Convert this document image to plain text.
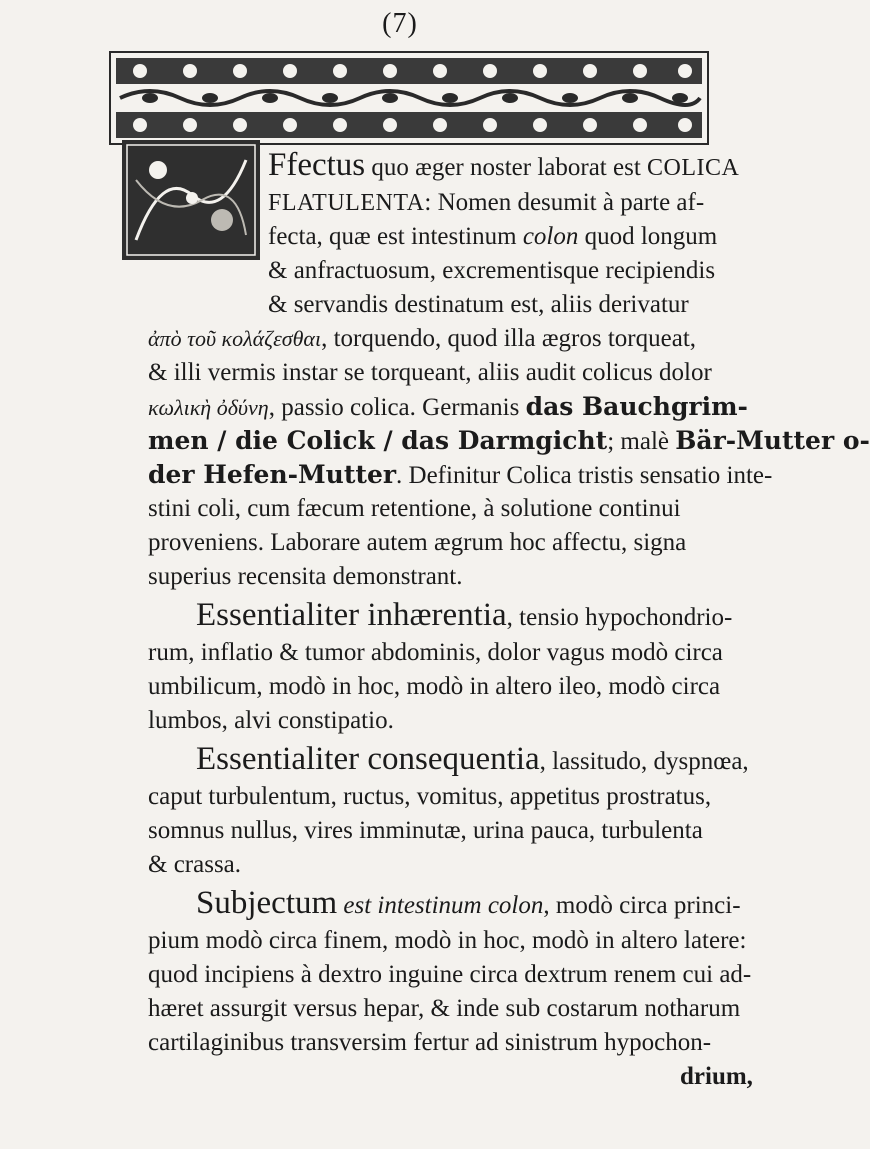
(7)
Ffectus quo æger noster laborat est COLICA
FLATULENTA: Nomen desumit à parte af-
fecta, quæ est intestinum colon quod longum
& anfractuosum, excrementisque recipiendis
& servandis destinatum est, aliis derivatur
ἀπὸ τοῦ κολάζεσθαι, torquendo, quod illa ægros torqueat,
& illi vermis instar se torqueant, aliis audit colicus dolor
κωλικὴ ὀδύνη, passio colica. Germanis das Bauchgrim-
men / die Colick / das Darmgicht; malè Bär-Mutter o-
der Hefen-Mutter. Definitur Colica tristis sensatio inte-
stini coli, cum fæcum retentione, à solutione continui
proveniens. Laborare autem ægrum hoc affectu, signa
superius recensita demonstrant.
Essentialiter inhærentia, tensio hypochondrio-
rum, inflatio & tumor abdominis, dolor vagus modò circa
umbilicum, modò in hoc, modò in altero ileo, modò circa
lumbos, alvi constipatio.
Essentialiter consequentia, lassitudo, dyspnœa,
caput turbulentum, ructus, vomitus, appetitus prostratus,
somnus nullus, vires imminutæ, urina pauca, turbulenta
& crassa.
Subjectum est intestinum colon, modò circa princi-
pium modò circa finem, modò in hoc, modò in altero latere:
quod incipiens à dextro inguine circa dextrum renem cui ad-
hæret assurgit versus hepar, & inde sub costarum notharum
cartilaginibus transversim fertur ad sinistrum hypochon-
drium,
